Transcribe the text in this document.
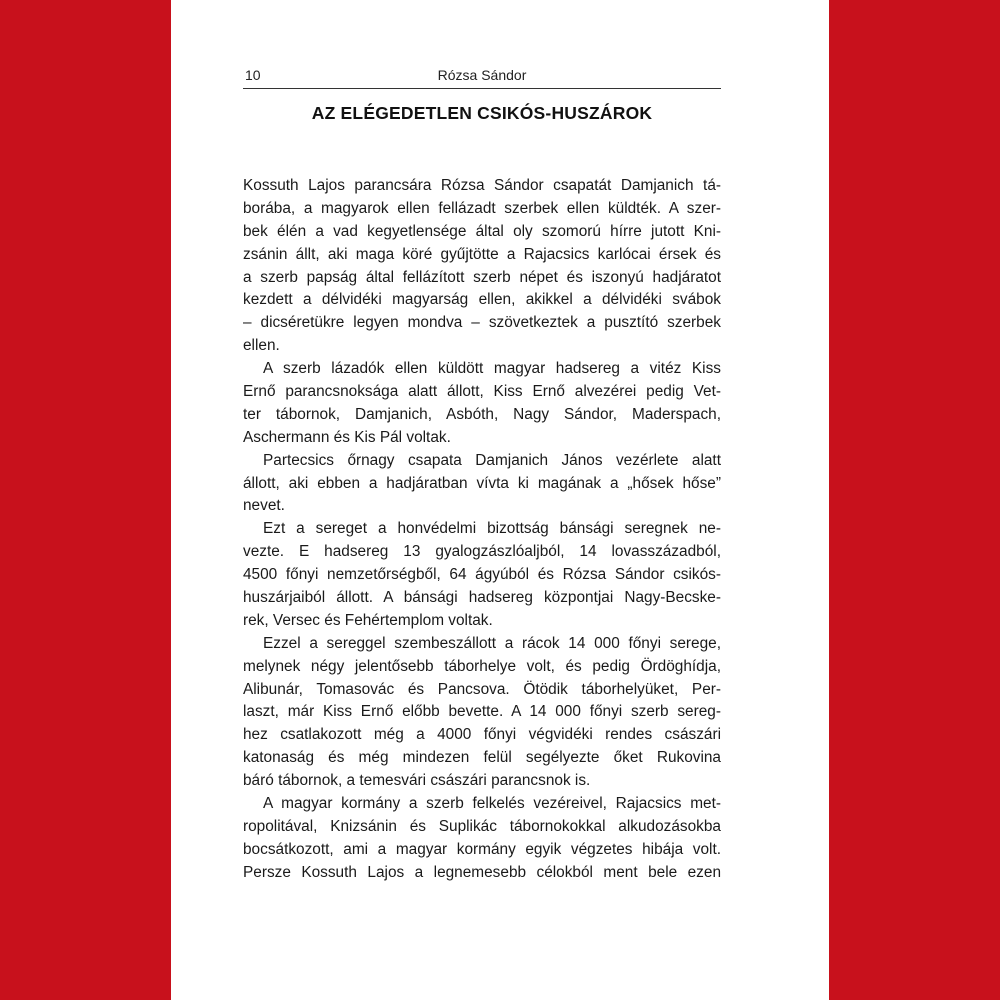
10	Rózsa Sándor
AZ ELÉGEDETLEN CSIKÓS-HUSZÁROK
Kossuth Lajos parancsára Rózsa Sándor csapatát Damjanich tá-
borába, a magyarok ellen fellázadt szerbek ellen küldték. A szer-
bek élén a vad kegyetlensége által oly szomorú hírre jutott Kni-
zsánin állt, aki maga köré gyűjtötte a Rajacsics karlócai érsek és
a szerb papság által fellázított szerb népet és iszonyú hadjáratot
kezdett a délvidéki magyarság ellen, akikkel a délvidéki svábok
– dicséretükre legyen mondva – szövetkeztek a pusztító szerbek
ellen.
A szerb lázadók ellen küldött magyar hadsereg a vitéz Kiss
Ernő parancsnoksága alatt állott, Kiss Ernő alvezérei pedig Vet-
ter tábornok, Damjanich, Asbóth, Nagy Sándor, Maderspach,
Aschermann és Kis Pál voltak.
Partecsics őrnagy csapata Damjanich János vezérlete alatt
állott, aki ebben a hadjáratban vívta ki magának a „hősek hőse”
nevet.
Ezt a sereget a honvédelmi bizottság bánsági seregnek ne-
vezte. E hadsereg 13 gyalogzászlóaljból, 14 lovasszázadból,
4500 főnyi nemzetőrségből, 64 ágyúból és Rózsa Sándor csikós-
huszárjaiból állott. A bánsági hadsereg központjai Nagy-Becske-
rek, Versec és Fehértemplom voltak.
Ezzel a sereggel szembeszállott a rácok 14 000 főnyi serege,
melynek négy jelentősebb táborhelye volt, és pedig Ördöghídja,
Alibunár, Tomasovác és Pancsova. Ötödik táborhelyüket, Per-
laszt, már Kiss Ernő előbb bevette. A 14 000 főnyi szerb sereg-
hez csatlakozott még a 4000 főnyi végvidéki rendes császári
katonaság és még mindezen felül segélyezte őket Rukovina
báró tábornok, a temesvári császári parancsnok is.
A magyar kormány a szerb felkelés vezéreivel, Rajacsics met-
ropolitával, Knizsánin és Suplikác tábornokokkal alkudozásokba
bocsátkozott, ami a magyar kormány egyik végzetes hibája volt.
Persze Kossuth Lajos a legnemesebb célokból ment bele ezen
